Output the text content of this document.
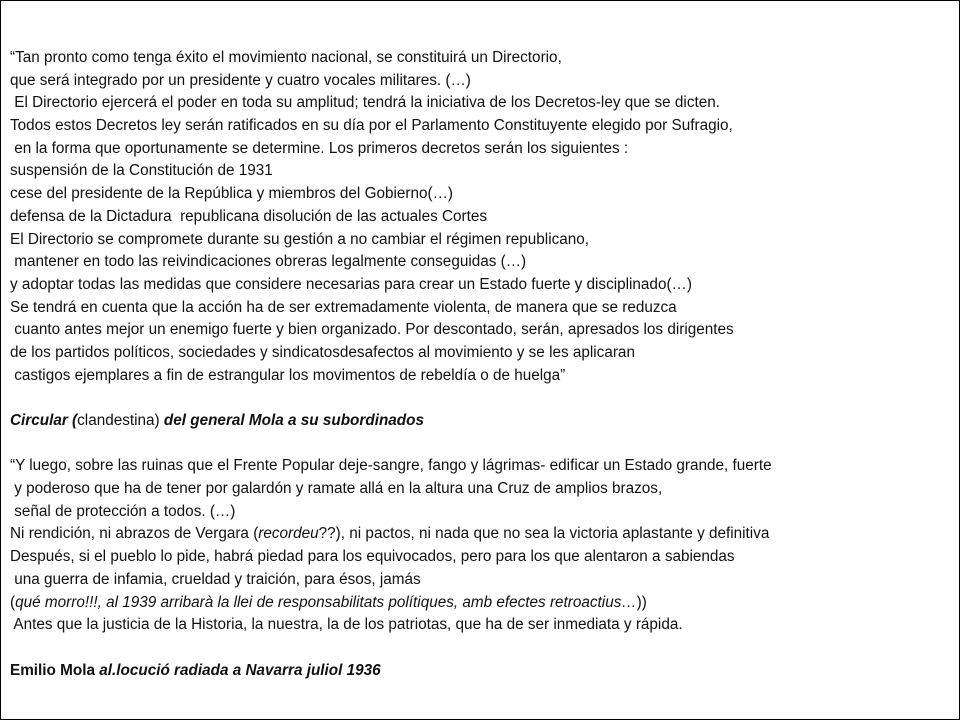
“Tan pronto como tenga éxito el movimiento nacional, se constituirá un Directorio,
que será integrado por un presidente y cuatro vocales militares. (…)
El Directorio ejercerá el poder en toda su amplitud; tendrá la iniciativa de los Decretos-ley que se dicten.
Todos estos Decretos ley serán ratificados en su día por el Parlamento Constituyente elegido por Sufragio,
en la forma que oportunamente se determine. Los primeros decretos serán los siguientes :
suspensión de la Constitución de 1931
cese del presidente de la República y miembros del Gobierno(…)
defensa de la Dictadura  republicana disolución de las actuales Cortes
El Directorio se compromete durante su gestión a no cambiar el régimen republicano,
mantener en todo las reivindicaciones obreras legalmente conseguidas (…)
y adoptar todas las medidas que considere necesarias para crear un Estado fuerte y disciplinado(…)
Se tendrá en cuenta que la acción ha de ser extremadamente violenta, de manera que se reduzca
cuanto antes mejor un enemigo fuerte y bien organizado. Por descontado, serán, apresados los dirigentes
de los partidos políticos, sociedades y sindicatosdesafectos al movimiento y se les aplicaran
castigos ejemplares a fin de estrangular los movimentos de rebeldía o de huelga”
Circular (clandestina) del general Mola a su subordinados
“Y luego, sobre las ruinas que el Frente Popular deje-sangre, fango y lágrimas- edificar un Estado grande, fuerte
y poderoso que ha de tener por galardón y ramate allá en la altura una Cruz de amplios brazos,
señal de protección a todos. (…)
Ni rendición, ni abrazos de Vergara (recordeu??), ni pactos, ni nada que no sea la victoria aplastante y definitiva
Después, si el pueblo lo pide, habrá piedad para los equivocados, pero para los que alentaron a sabiendas
una guerra de infamia, crueldad y traición, para ésos, jamás
(qué morro!!!, al 1939 arribarà la llei de responsabilitats polítiques, amb efectes retroactius…))
Antes que la justicia de la Historia, la nuestra, la de los patriotas, que ha de ser inmediata y rápida.
Emilio Mola al.locució radiada a Navarra juliol 1936
